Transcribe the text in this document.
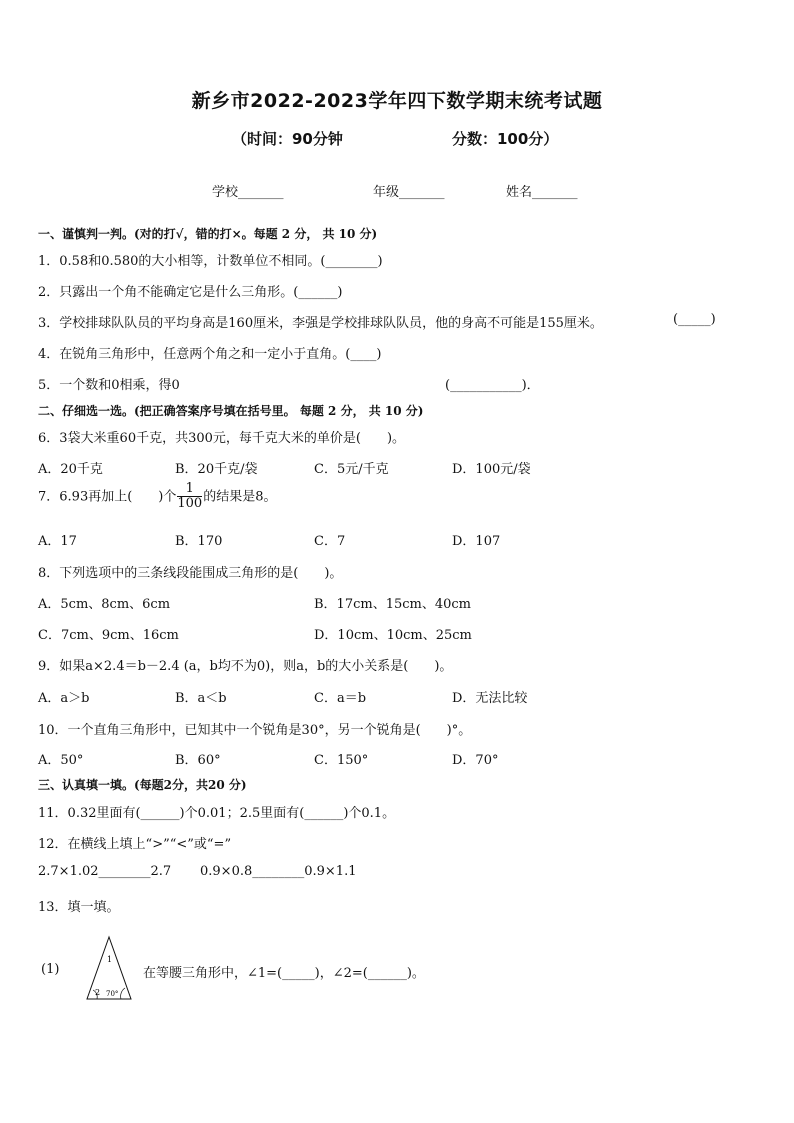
新乡市2022-2023学年四下数学期末统考试题
（时间：90分钟	分数：100分）
学校_______	年级_______	姓名_______
一、谨慎判一判。(对的打√，错的打×。每题 2 分， 共 10 分)
1．0.58和0.580的大小相等，计数单位不相同。(________)
2．只露出一个角不能确定它是什么三角形。(______)
3．学校排球队队员的平均身高是160厘米，李强是学校排球队队员，他的身高不可能是155厘米。	(_____)
4．在锐角三角形中，任意两个角之和一定小于直角。(____)
5．一个数和0相乘，得0	(___________)．
二、仔细选一选。(把正确答案序号填在括号里。 每题 2 分， 共 10 分)
6．3袋大米重60千克，共300元，每千克大米的单价是(　　)。
A．20千克	B．20千克/袋	C．5元/千克	D．100元/袋
7．6.93再加上(　　)个 $\frac{1}{100}$ 的结果是8。
A．17	B．170	C．7	D．107
8．下列选项中的三条线段能围成三角形的是(　　)。
A．5cm、8cm、6cm	B．17cm、15cm、40cm
C．7cm、9cm、16cm	D．10cm、10cm、25cm
9．如果a×2.4＝b－2.4 (a，b均不为0)，则a，b的大小关系是(　　)。
A．a＞b	B．a＜b	C．a＝b	D．无法比较
10．一个直角三角形中，已知其中一个锐角是30°，另一个锐角是(　　)°。
A．50°	B．60°	C．150°	D．70°
三、认真填一填。(每题2分，共20 分)
11．0.32里面有(______)个0.01；2.5里面有(______)个0.1。
12．在横线上填上“>”“<”或“=”
2.7×1.02________2.7 0.9×0.8________0.9×1.1
13．填一填。
(1)
1
2 70°
在等腰三角形中，∠1=(_____)，∠2=(______)。
